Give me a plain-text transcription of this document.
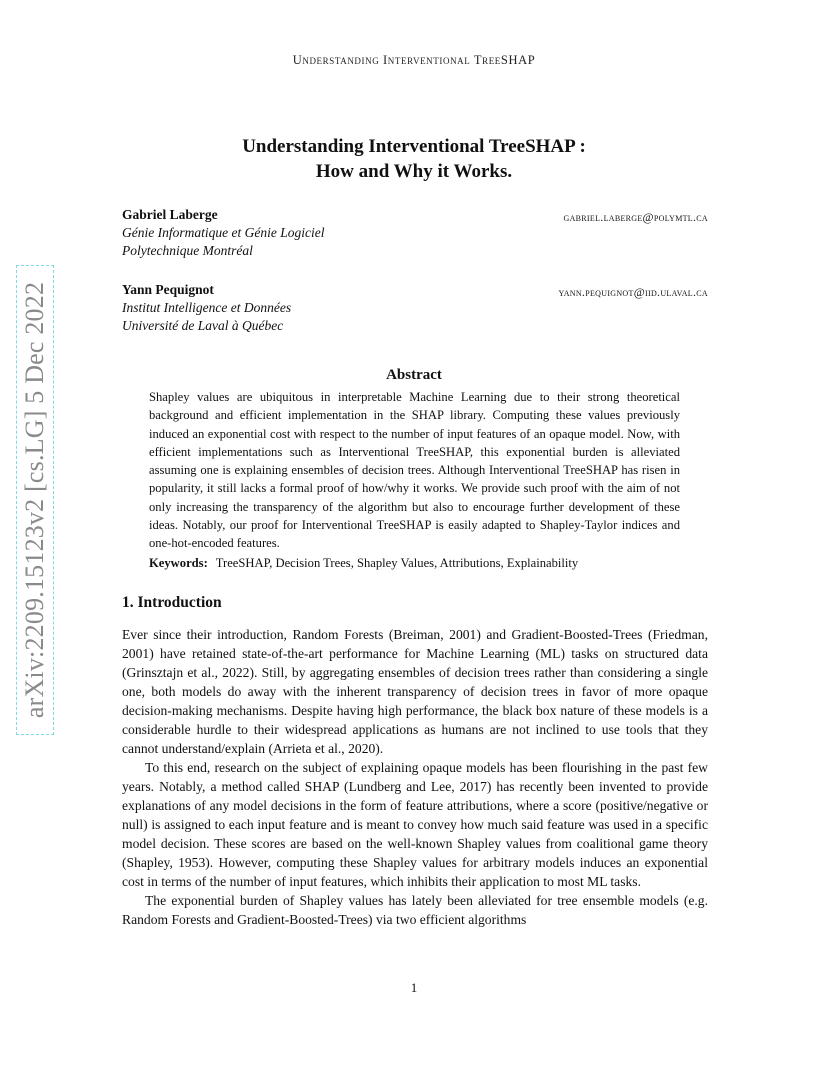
Understanding Interventional TreeSHAP
arXiv:2209.15123v2 [cs.LG] 5 Dec 2022
Understanding Interventional TreeSHAP :
How and Why it Works.
Gabriel Laberge	gabriel.laberge@polymtl.ca
Génie Informatique et Génie Logiciel
Polytechnique Montréal
Yann Pequignot	yann.pequignot@iid.ulaval.ca
Institut Intelligence et Données
Université de Laval à Québec
Abstract

Shapley values are ubiquitous in interpretable Machine Learning due to their strong theoretical background and efficient implementation in the SHAP library. Computing these values previously induced an exponential cost with respect to the number of input features of an opaque model. Now, with efficient implementations such as Interventional TreeSHAP, this exponential burden is alleviated assuming one is explaining ensembles of decision trees. Although Interventional TreeSHAP has risen in popularity, it still lacks a formal proof of how/why it works. We provide such proof with the aim of not only increasing the transparency of the algorithm but also to encourage further development of these ideas. Notably, our proof for Interventional TreeSHAP is easily adapted to Shapley-Taylor indices and one-hot-encoded features.

Keywords: TreeSHAP, Decision Trees, Shapley Values, Attributions, Explainability
1. Introduction

Ever since their introduction, Random Forests (Breiman, 2001) and Gradient-Boosted-Trees (Friedman, 2001) have retained state-of-the-art performance for Machine Learning (ML) tasks on structured data (Grinsztajn et al., 2022). Still, by aggregating ensembles of decision trees rather than considering a single one, both models do away with the inherent transparency of decision trees in favor of more opaque decision-making mechanisms. Despite having high performance, the black box nature of these models is a considerable hurdle to their widespread applications as humans are not inclined to use tools that they cannot understand/explain (Arrieta et al., 2020).

To this end, research on the subject of explaining opaque models has been flourishing in the past few years. Notably, a method called SHAP (Lundberg and Lee, 2017) has recently been invented to provide explanations of any model decisions in the form of feature attributions, where a score (positive/negative or null) is assigned to each input feature and is meant to convey how much said feature was used in a specific model decision. These scores are based on the well-known Shapley values from coalitional game theory (Shapley, 1953). However, computing these Shapley values for arbitrary models induces an exponential cost in terms of the number of input features, which inhibits their application to most ML tasks.

The exponential burden of Shapley values has lately been alleviated for tree ensemble models (e.g. Random Forests and Gradient-Boosted-Trees) via two efficient algorithms

1
